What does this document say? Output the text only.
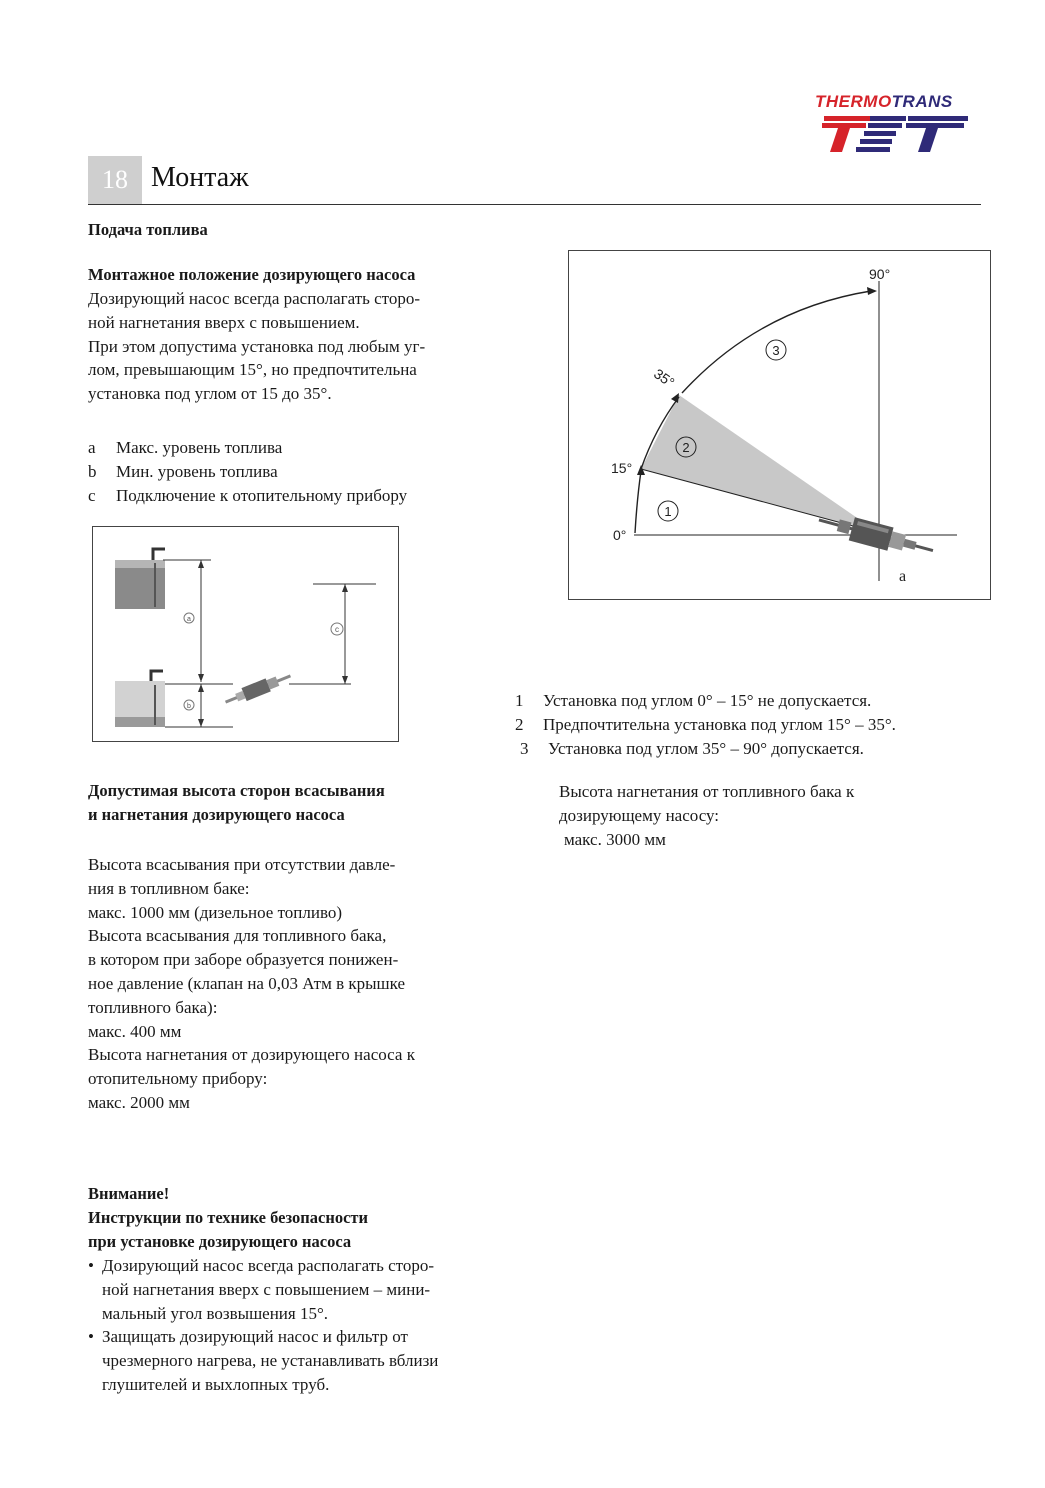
THERMOTRANS
18 Монтаж
Подача топлива
Монтажное положение дозирующего насоса
Дозирующий насос всегда располагать сторо-
ной нагнетания вверх с повышением.
При этом допустима установка под любым уг-
лом, превышающим 15°, но предпочтительна
установка под углом от 15 до 35°.
a Макс. уровень топлива
b Мин. уровень топлива
c Подключение к отопительному прибору
a
b
c
0°
15°
35°
90°
1
2
3
a
1 Установка под углом 0° – 15° не допускается.
2 Предпочтительна установка под углом 15° – 35°.
3 Установка под углом 35° – 90° допускается.
Высота нагнетания от топливного бака к
дозирующему насосу:
макс. 3000 мм
Допустимая высота сторон всасывания
и нагнетания дозирующего насоса
Высота всасывания при отсутствии давле-
ния в топливном баке:
макс. 1000 мм (дизельное топливо)
Высота всасывания для топливного бака,
в котором при заборе образуется понижен-
ное давление (клапан на 0,03 Атм в крышке
топливного бака):
макс. 400 мм
Высота нагнетания от дозирующего насоса к
отопительному прибору:
макс. 2000 мм
Внимание!
Инструкции по технике безопасности
при установке дозирующего насоса
• Дозирующий насос всегда располагать сторо-
ной нагнетания вверх с повышением – мини-
мальный угол возвышения 15°.
• Защищать дозирующий насос и фильтр от
чрезмерного нагрева, не устанавливать вблизи
глушителей и выхлопных труб.
